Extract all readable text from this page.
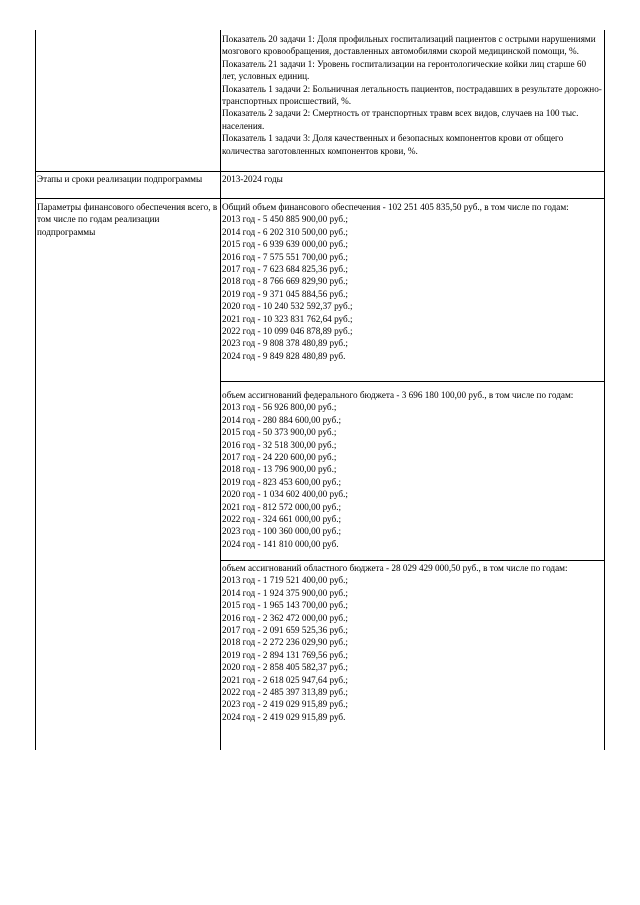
Показатель 20 задачи 1: Доля профильных госпитализаций пациентов с острыми нарушениями мозгового кровообращения, доставленных автомобилями скорой медицинской помощи, %.
Показатель 21 задачи 1: Уровень госпитализации на геронтологические койки лиц старше 60 лет, условных единиц.
Показатель 1 задачи 2: Больничная летальность пациентов, пострадавших в результате дорожно-транспортных происшествий, %.
Показатель 2 задачи 2: Смертность от транспортных травм всех видов, случаев на 100 тыс. населения.
Показатель 1 задачи 3: Доля качественных и безопасных компонентов крови от общего количества заготовленных компонентов крови, %.
Этапы и сроки реализации подпрограммы	2013-2024 годы
Параметры финансового обеспечения всего, в том числе по годам реализации подпрограммы
Общий объем финансового обеспечения - 102 251 405 835,50 руб., в том числе по годам:
2013 год - 5 450 885 900,00 руб.;
2014 год - 6 202 310 500,00 руб.;
2015 год - 6 939 639 000,00 руб.;
2016 год - 7 575 551 700,00 руб.;
2017 год - 7 623 684 825,36 руб.;
2018 год - 8 766 669 829,90 руб.;
2019 год - 9 371 045 884,56 руб.;
2020 год - 10 240 532 592,37 руб.;
2021 год - 10 323 831 762,64 руб.;
2022 год - 10 099 046 878,89 руб.;
2023 год - 9 808 378 480,89 руб.;
2024 год - 9 849 828 480,89 руб.
объем ассигнований федерального бюджета - 3 696 180 100,00 руб., в том числе по годам:
2013 год - 56 926 800,00 руб.;
2014 год - 280 884 600,00 руб.;
2015 год - 50 373 900,00 руб.;
2016 год - 32 518 300,00 руб.;
2017 год - 24 220 600,00 руб.;
2018 год - 13 796 900,00 руб.;
2019 год - 823 453 600,00 руб.;
2020 год - 1 034 602 400,00 руб.;
2021 год - 812 572 000,00 руб.;
2022 год - 324 661 000,00 руб.;
2023 год - 100 360 000,00 руб.;
2024 год - 141 810 000,00 руб.
объем ассигнований областного бюджета - 28 029 429 000,50 руб., в том числе по годам:
2013 год - 1 719 521 400,00 руб.;
2014 год - 1 924 375 900,00 руб.;
2015 год - 1 965 143 700,00 руб.;
2016 год - 2 362 472 000,00 руб.;
2017 год - 2 091 659 525,36 руб.;
2018 год - 2 272 236 029,90 руб.;
2019 год - 2 894 131 769,56 руб.;
2020 год - 2 858 405 582,37 руб.;
2021 год - 2 618 025 947,64 руб.;
2022 год - 2 485 397 313,89 руб.;
2023 год - 2 419 029 915,89 руб.;
2024 год - 2 419 029 915,89 руб.
